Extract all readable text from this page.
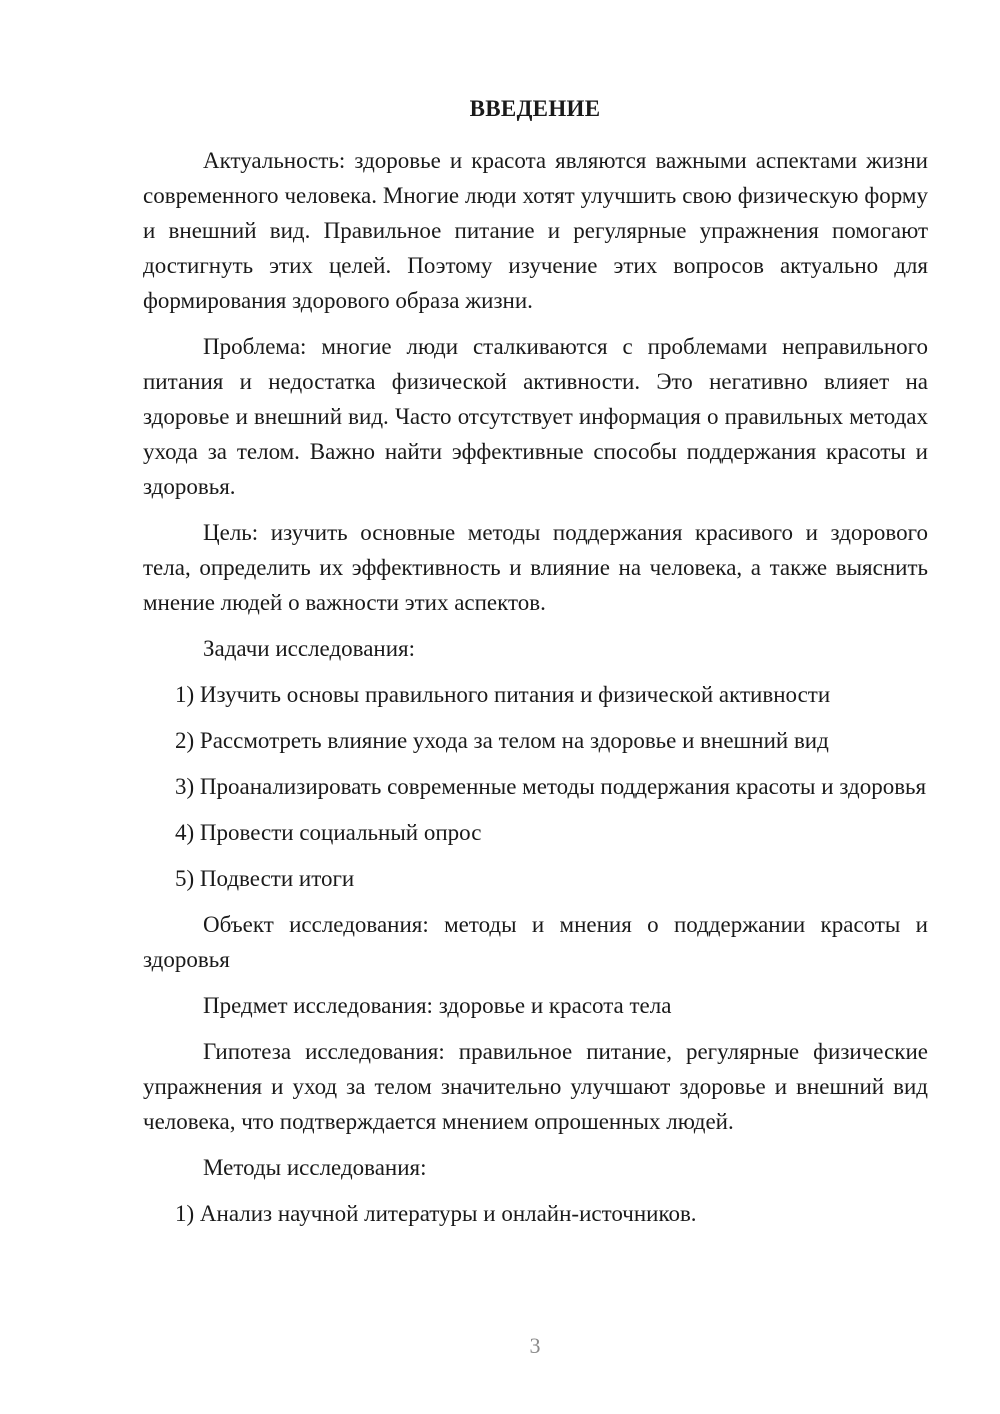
ВВЕДЕНИЕ

Актуальность: здоровье и красота являются важными аспектами жизни современного человека. Многие люди хотят улучшить свою физическую форму и внешний вид. Правильное питание и регулярные упражнения помогают достигнуть этих целей. Поэтому изучение этих вопросов актуально для формирования здорового образа жизни.

Проблема: многие люди сталкиваются с проблемами неправильного питания и недостатка физической активности. Это негативно влияет на здоровье и внешний вид. Часто отсутствует информация о правильных методах ухода за телом. Важно найти эффективные способы поддержания красоты и здоровья.

Цель: изучить основные методы поддержания красивого и здорового тела, определить их эффективность и влияние на человека, а также выяснить мнение людей о важности этих аспектов.

Задачи исследования:

1) Изучить основы правильного питания и физической активности

2) Рассмотреть влияние ухода за телом на здоровье и внешний вид

3) Проанализировать современные методы поддержания красоты и здоровья

4) Провести социальный опрос

5) Подвести итоги

Объект исследования: методы и мнения о поддержании красоты и здоровья

Предмет исследования: здоровье и красота тела

Гипотеза исследования: правильное питание, регулярные физические упражнения и уход за телом значительно улучшают здоровье и внешний вид человека, что подтверждается мнением опрошенных людей.

Методы исследования:

1) Анализ научной литературы и онлайн-источников.

3
